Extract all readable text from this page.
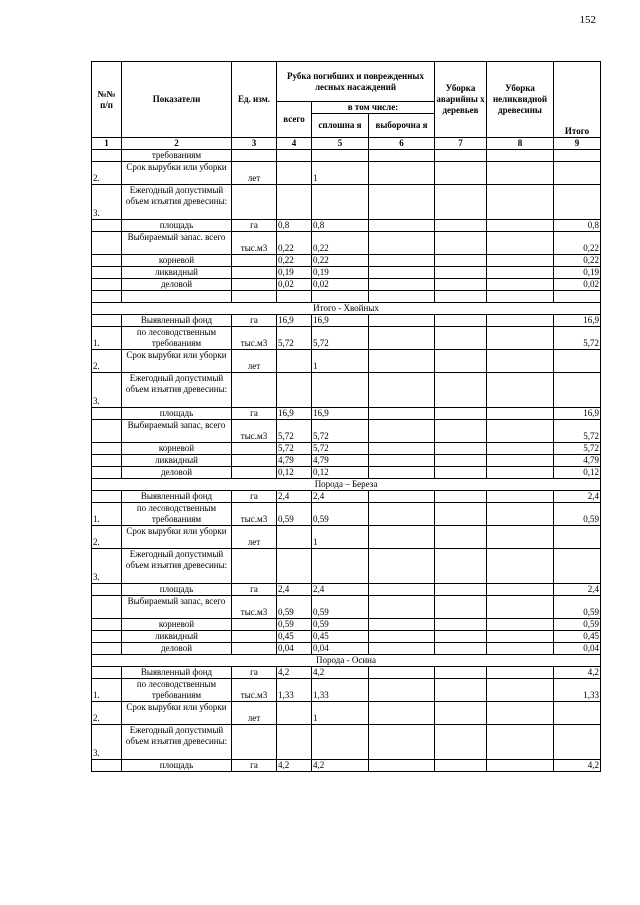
152
№№ п/п	Показатели	Ед. изм.	Рубка погибших и поврежденных лесных насаждений			Уборка аварийны х деревьев	Уборка неликвидной древесины	Итого
			всего	в том числе:				
				сплошна я	выборочна я			
1	2	3	4	5	6	7	8	9
	требованиям							
2.	Срок вырубки или уборки	лет		1				
3.	Ежегодный допустимый объем изъятия древесины:							
	площадь	га	0,8	0,8				0,8
	Выбираемый запас. всего	тыс.м3	0,22	0,22				0,22
	корневой		0,22	0,22				0,22
	ликвидный		0,19	0,19				0,19
	деловой		0,02	0,02				0,02

Итого - Хвойных								
	Выявленный фонд	га	16,9	16,9				16,9
1.	по лесоводственным требованиям	тыс.м3	5,72	5,72				5,72
2.	Срок вырубки или уборки	лет		1				
3.	Ежегодный допустимый объем изъятия древесины:							
	площадь	га	16,9	16,9				16,9
	Выбираемый запас, всего	тыс.м3	5,72	5,72				5,72
	корневой		5,72	5,72				5,72
	ликвидный		4,79	4,79				4,79
	деловой		0,12	0,12				0,12
Порода – Береза								
	Выявленный фонд	га	2,4	2,4				2,4
1.	по лесоводственным требованиям	тыс.м3	0,59	0,59				0,59
2.	Срок вырубки или уборки	лет		1				
3.	Ежегодный допустимый объем изъятия древесины:							
	площадь	га	2,4	2,4				2,4
	Выбираемый запас, всего	тыс.м3	0,59	0,59				0,59
	корневой		0,59	0,59				0,59
	ликвидный		0,45	0,45				0,45
	деловой		0,04	0,04				0,04
Порода - Осина								
	Выявленный фонд	га	4,2	4,2				4,2
1.	по лесоводственным требованиям	тыс.м3	1,33	1,33				1,33
2.	Срок вырубки или уборки	лет		1				
3.	Ежегодный допустимый объем изъятия древесины:							
	площадь	га	4,2	4,2				4,2
